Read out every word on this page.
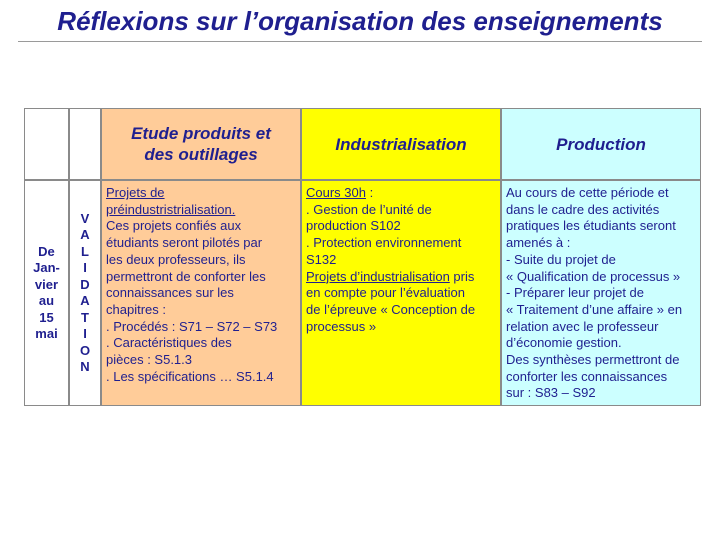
Réflexions sur l’organisation des enseignements
Etude produits et des outillages
Industrialisation	Production
De
Jan-
vier
au
15
mai
V
A
L
I
D
A
T
I
O
N
Projets de
préindustristrialisation.
Ces projets confiés aux
étudiants seront pilotés par
les deux professeurs, ils
permettront de conforter les
connaissances sur les
chapitres :
. Procédés : S71 – S72 – S73
. Caractéristiques des
pièces : S5.1.3
. Les spécifications … S5.1.4
Cours 30h :
. Gestion de l’unité de
production S102
. Protection environnement
S132
Projets d’industrialisation pris
en compte pour l’évaluation
de l’épreuve « Conception de
processus »
Au cours de cette période et
dans le cadre des activités
pratiques les étudiants seront
amenés à :
- Suite du projet de
« Qualification de processus »
- Préparer leur projet de
« Traitement d’une affaire » en
relation avec le professeur
d’économie gestion.
Des synthèses permettront de
conforter les connaissances
sur : S83 – S92
